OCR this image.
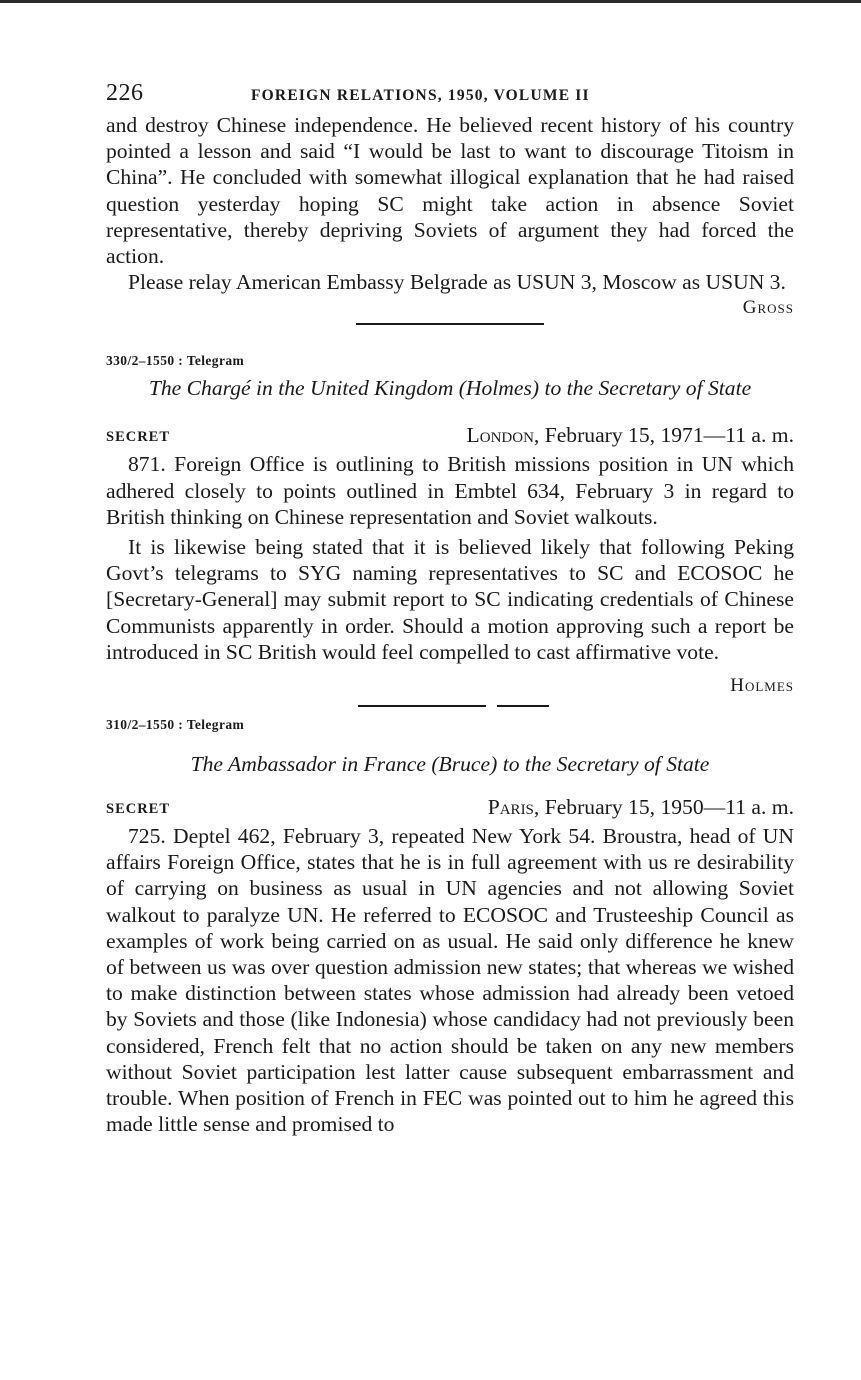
226	FOREIGN RELATIONS, 1950, VOLUME II

and destroy Chinese independence. He believed recent history of his country pointed a lesson and said “I would be last to want to discourage Titoism in China”. He concluded with somewhat illogical explanation that he had raised question yesterday hoping SC might take action in absence Soviet representative, thereby depriving Soviets of argument they had forced the action.

Please relay American Embassy Belgrade as USUN 3, Moscow as USUN 3.

Gross
330/2–1550 : Telegram
The Chargé in the United Kingdom (Holmes) to the Secretary of State
SECRET	London, February 15, 1971—11 a. m.

871. Foreign Office is outlining to British missions position in UN which adhered closely to points outlined in Embtel 634, February 3 in regard to British thinking on Chinese representation and Soviet walkouts.

It is likewise being stated that it is believed likely that following Peking Govt’s telegrams to SYG naming representatives to SC and ECOSOC he [Secretary-General] may submit report to SC indicating credentials of Chinese Communists apparently in order. Should a motion approving such a report be introduced in SC British would feel compelled to cast affirmative vote.

Holmes
310/2–1550 : Telegram
The Ambassador in France (Bruce) to the Secretary of State
SECRET	Paris, February 15, 1950—11 a. m.

725. Deptel 462, February 3, repeated New York 54. Broustra, head of UN affairs Foreign Office, states that he is in full agreement with us re desirability of carrying on business as usual in UN agencies and not allowing Soviet walkout to paralyze UN. He referred to ECOSOC and Trusteeship Council as examples of work being carried on as usual. He said only difference he knew of between us was over question admission new states; that whereas we wished to make distinction between states whose admission had already been vetoed by Soviets and those (like Indonesia) whose candidacy had not previously been considered, French felt that no action should be taken on any new members without Soviet participation lest latter cause subsequent embarrassment and trouble. When position of French in FEC was pointed out to him he agreed this made little sense and promised to
